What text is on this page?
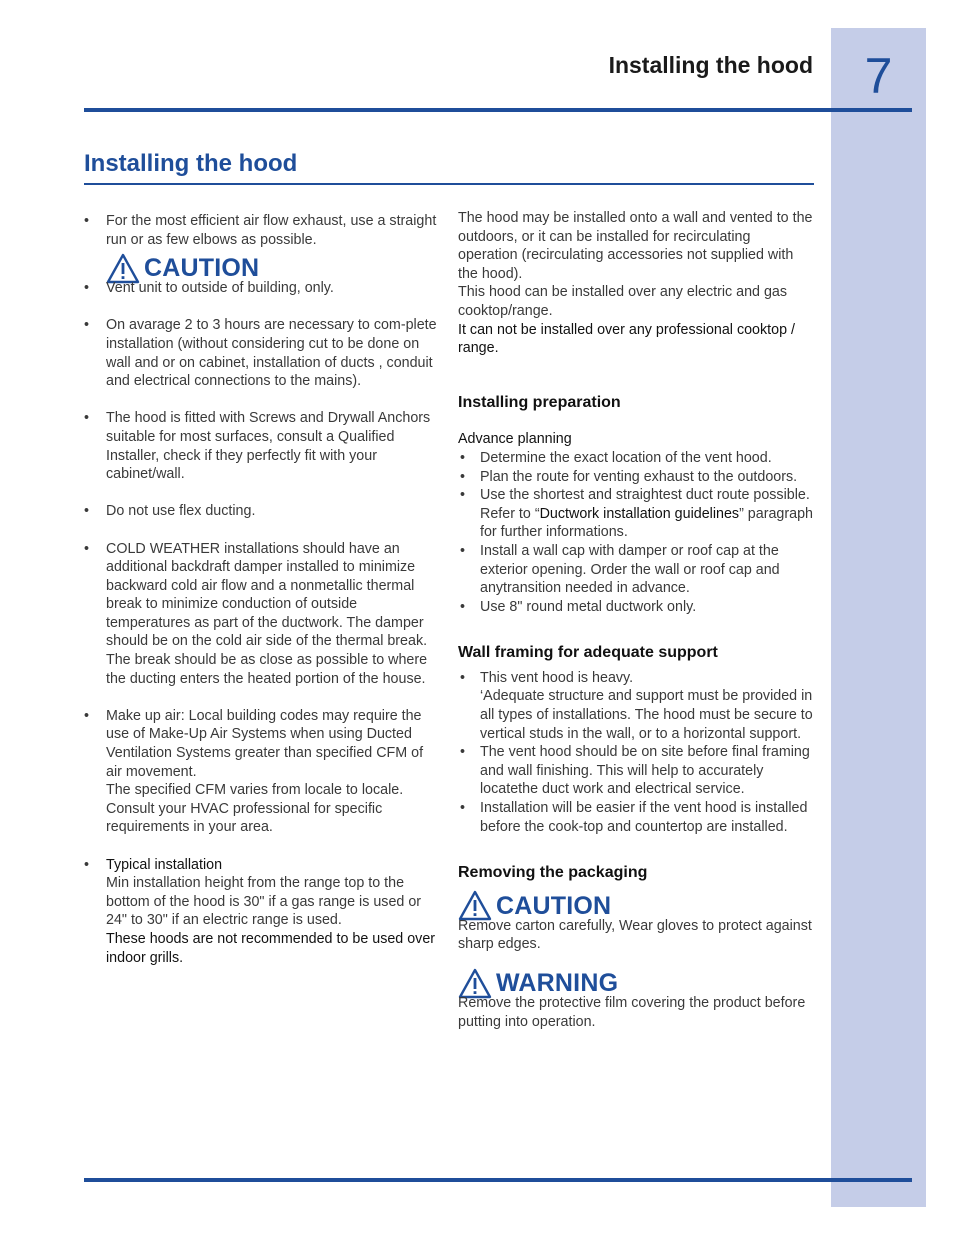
7
Installing the hood
Installing the hood
• For the most efficient air flow exhaust, use a straight run or as few elbows as possible.
CAUTION
• Vent unit to outside of building, only.
• On avarage 2 to 3 hours are necessary to com-plete installation (without considering cut to be done on wall and or on cabinet, installation of ducts , conduit and electrical connections to the mains).
• The hood is fitted with Screws and Drywall Anchors suitable for most surfaces, consult a Qualified Installer, check if they perfectly fit with your cabinet/wall.
• Do not use flex ducting.
• COLD WEATHER installations should have an additional backdraft damper installed to minimize backward cold air flow and a nonmetallic thermal break to minimize conduction of outside temperatures as part of the ductwork. The damper should be on the cold air side of the thermal break.
The break should be as close as possible to where the ducting enters the heated portion of the house.
• Make up air: Local building codes may require the use of Make-Up Air Systems when using Ducted Ventilation Systems greater than specified CFM of air movement.
The specified CFM varies from locale to locale. Consult your HVAC professional for specific requirements in your area.
• Typical installation
Min installation height from the range top to the bottom of the hood is 30" if a gas range is used or 24" to 30" if an electric range is used.
These hoods are not recommended to be used over indoor grills.
The hood may be installed onto a wall and vented to the outdoors, or it can be installed for recirculating operation (recirculating accessories not supplied with the hood).
This hood can be installed over any electric and gas cooktop/range.
It can not be installed over any professional cooktop / range.
Installing preparation
Advance planning
• Determine the exact location of the vent hood.
• Plan the route for venting exhaust to the outdoors.
• Use the shortest and straightest duct route possible.
Refer to “Ductwork installation guidelines” paragraph for further informations.
• Install a wall cap with damper or roof cap at the exterior opening. Order the wall or roof cap and anytransition needed in advance.
• Use 8" round metal ductwork only.
Wall framing for adequate support
• This vent hood is heavy.
‘Adequate structure and support must be provided in all types of installations. The hood must be secure to vertical studs in the wall, or to a horizontal support.
• The vent hood should be on site before final framing and wall finishing. This will help to accurately locatethe duct work and electrical service.
• Installation will be easier if the vent hood is installed before the cook-top and countertop are installed.
Removing the packaging
CAUTION
Remove carton carefully, Wear gloves to protect against sharp edges.
WARNING
Remove the protective film covering the product before putting into operation.
